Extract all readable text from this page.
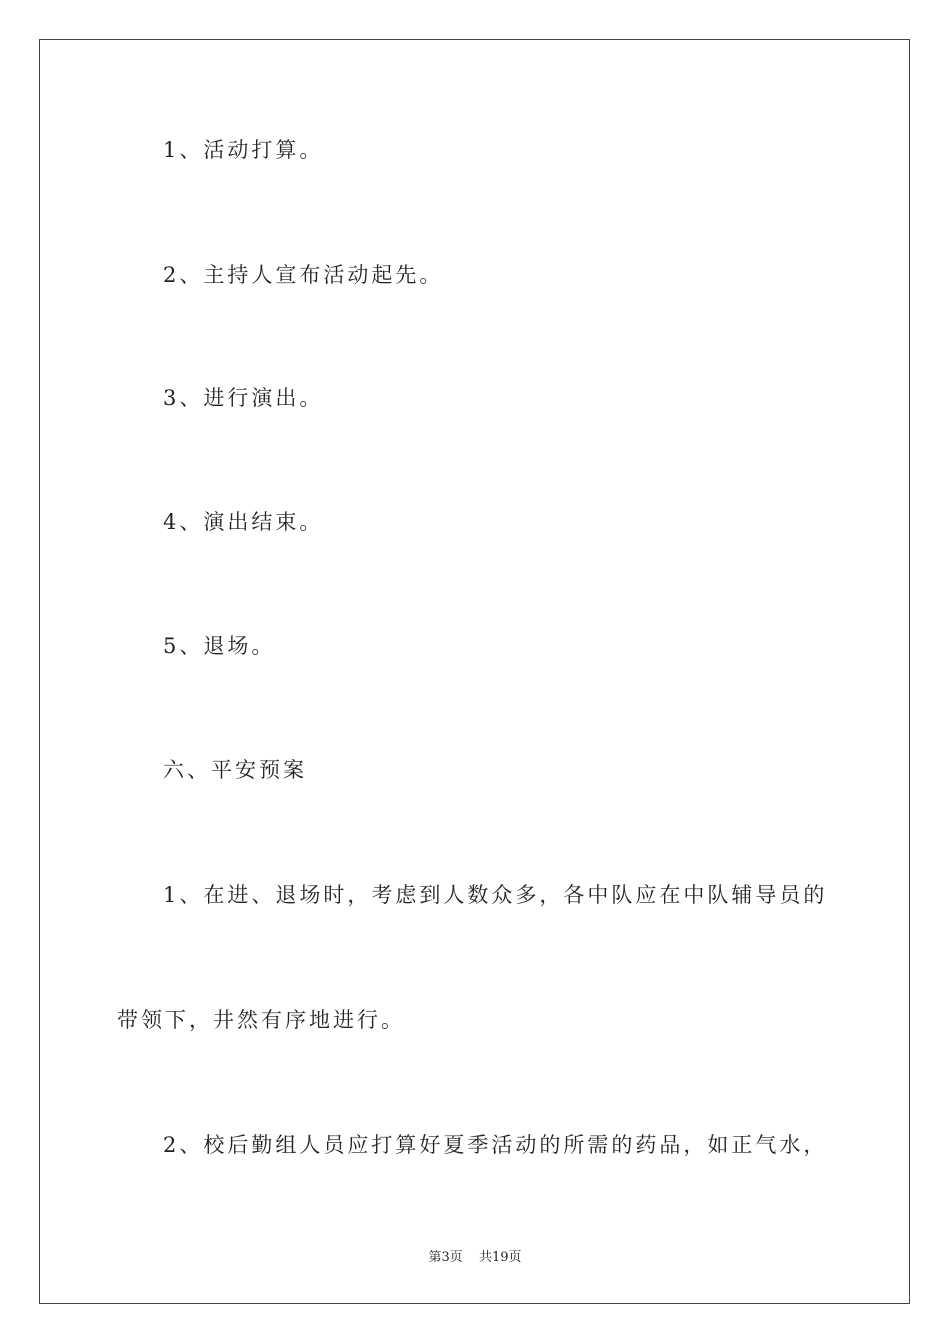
1、活动打算。
2、主持人宣布活动起先。
3、进行演出。
4、演出结束。
5、退场。
六、平安预案
1、在进、退场时，考虑到人数众多，各中队应在中队辅导员的
带领下，井然有序地进行。
2、校后勤组人员应打算好夏季活动的所需的药品，如正气水，
第3页 共19页
